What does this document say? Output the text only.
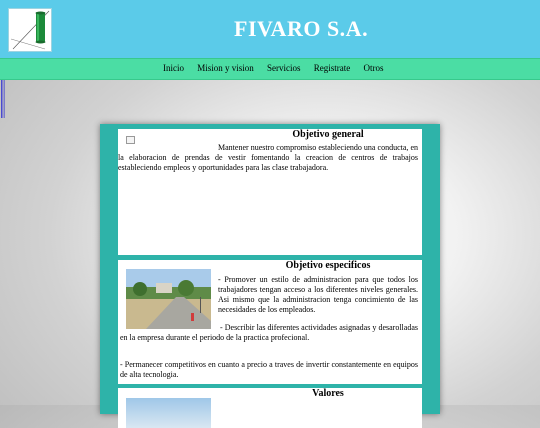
FIVARO S.A.
Inicio Mision y vision Servicios Registrate Otros
Objetivo general
Mantener nuestro compromiso estableciendo una conducta, en la elaboracion de prendas de vestir fomentando la creacion de centros de trabajos estableciendo empleos y oportunidades para las clase trabajadora.
Objetivo especificos
- Promover un estilo de administracion para que todos los trabajadores tengan acceso a los diferentes niveles generales. Asi mismo que la administracion tenga concimiento de las necesidades de los empleados.
- Describir las diferentes actividades asignadas y desarolladas en la empresa durante el periodo de la practica profecional.
- Permanecer competitivos en cuanto a precio a traves de invertir constantemente en equipos de alta tecnologia.
Valores
